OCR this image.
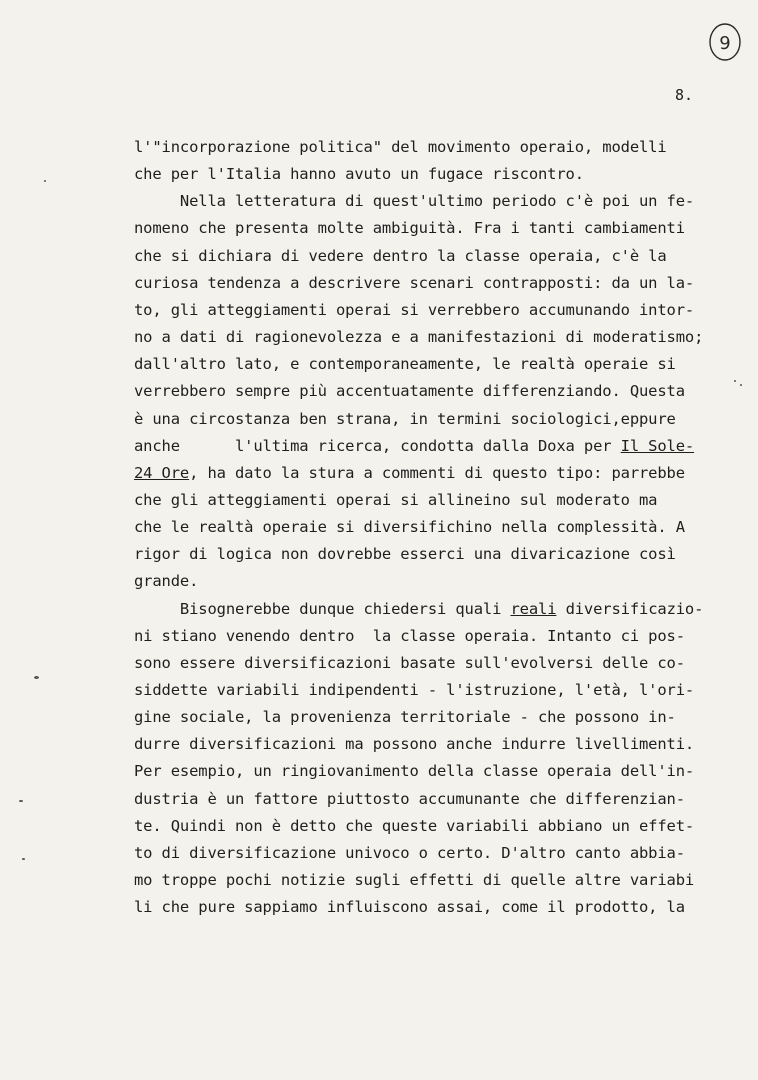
9
8.
l'"incorporazione politica" del movimento operaio, modelli
che per l'Italia hanno avuto un fugace riscontro.
Nella letteratura di quest'ultimo periodo c'è poi un fe-
nomeno che presenta molte ambiguità. Fra i tanti cambiamenti
che si dichiara di vedere dentro la classe operaia, c'è la
curiosa tendenza a descrivere scenari contrapposti: da un la-
to, gli atteggiamenti operai si verrebbero accumunando intor-
no a dati di ragionevolezza e a manifestazioni di moderatismo;
dall'altro lato, e contemporaneamente, le realtà operaie si
verrebbero sempre più accentuatamente differenziando. Questa
è una circostanza ben strana, in termini sociologici,eppure
anche      l'ultima ricerca, condotta dalla Doxa per Il Sole-
24 Ore, ha dato la stura a commenti di questo tipo: parrebbe
che gli atteggiamenti operai si allineino sul moderato ma
che le realtà operaie si diversifichino nella complessità. A
rigor di logica non dovrebbe esserci una divaricazione così
grande.
Bisognerebbe dunque chiedersi quali reali diversificazio-
ni stiano venendo dentro  la classe operaia. Intanto ci pos-
sono essere diversificazioni basate sull'evolversi delle co-
siddette variabili indipendenti - l'istruzione, l'età, l'ori-
gine sociale, la provenienza territoriale - che possono in-
durre diversificazioni ma possono anche indurre livellimenti.
Per esempio, un ringiovanimento della classe operaia dell'in-
dustria è un fattore piuttosto accumunante che differenzian-
te. Quindi non è detto che queste variabili abbiano un effet-
to di diversificazione univoco o certo. D'altro canto abbia-
mo troppe pochi notizie sugli effetti di quelle altre variabi
li che pure sappiamo influiscono assai, come il prodotto, la
